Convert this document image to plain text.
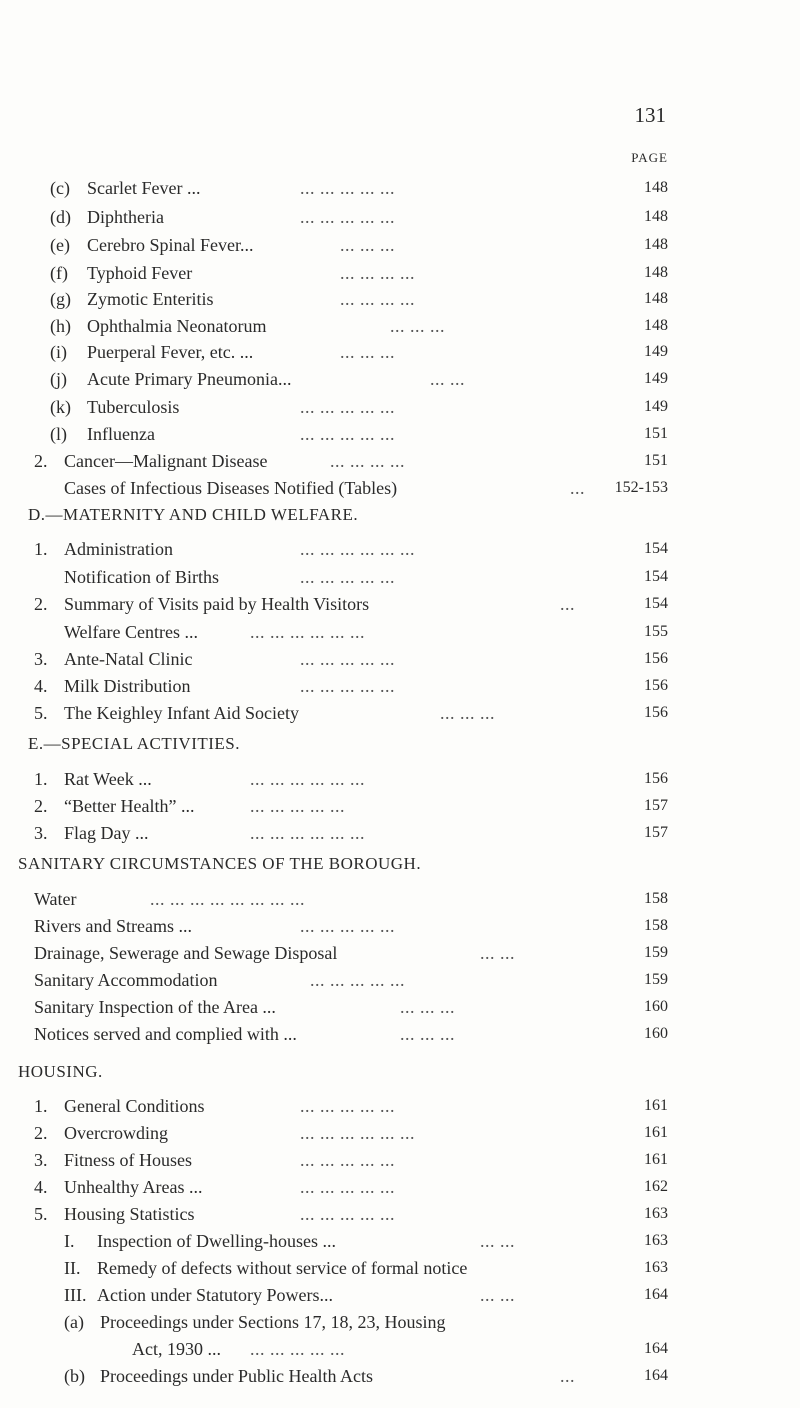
131
PAGE
(c) Scarlet Fever ...	... ... ... ... ...	148
(d) Diphtheria	... ... ... ... ...	148
(e) Cerebro Spinal Fever...	... ... ...	148
(f) Typhoid Fever	... ... ... ...	148
(g) Zymotic Enteritis	... ... ... ...	148
(h) Ophthalmia Neonatorum	... ... ...	148
(i) Puerperal Fever, etc. ...	... ... ...	149
(j) Acute Primary Pneumonia...	... ...	149
(k) Tuberculosis	... ... ... ... ...	149
(l) Influenza	... ... ... ... ...	151
2. Cancer—Malignant Disease	... ... ... ...	151
Cases of Infectious Diseases Notified (Tables)	... 152-153
D.—MATERNITY AND CHILD WELFARE.
1. Administration	... ... ... ... ... ...	154
Notification of Births	... ... ... ... ...	154
2. Summary of Visits paid by Health Visitors	...	154
Welfare Centres ...	... ... ... ... ... ...	155
3. Ante-Natal Clinic	... ... ... ... ...	156
4. Milk Distribution	... ... ... ... ...	156
5. The Keighley Infant Aid Society	... ... ...	156
E.—SPECIAL ACTIVITIES.
1. Rat Week ...	... ... ... ... ... ...	156
2. “Better Health” ...	... ... ... ... ...	157
3. Flag Day ...	... ... ... ... ... ...	157
SANITARY CIRCUMSTANCES OF THE BOROUGH.
Water	... ... ... ... ... ... ... ...	158
Rivers and Streams ...	... ... ... ... ...	158
Drainage, Sewerage and Sewage Disposal	... ...	159
Sanitary Accommodation	... ... ... ... ...	159
Sanitary Inspection of the Area ...	... ... ...	160
Notices served and complied with ...	... ... ...	160
HOUSING.
1. General Conditions	... ... ... ... ...	161
2. Overcrowding	... ... ... ... ... ...	161
3. Fitness of Houses	... ... ... ... ...	161
4. Unhealthy Areas ...	... ... ... ... ...	162
5. Housing Statistics	... ... ... ... ...	163
I. Inspection of Dwelling-houses ...	... ...	163
II. Remedy of defects without service of formal notice	163
III. Action under Statutory Powers...	... ...	164
(a) Proceedings under Sections 17, 18, 23, Housing
Act, 1930 ... ... ... ... ... ...	164
(b) Proceedings under Public Health Acts	...	164
